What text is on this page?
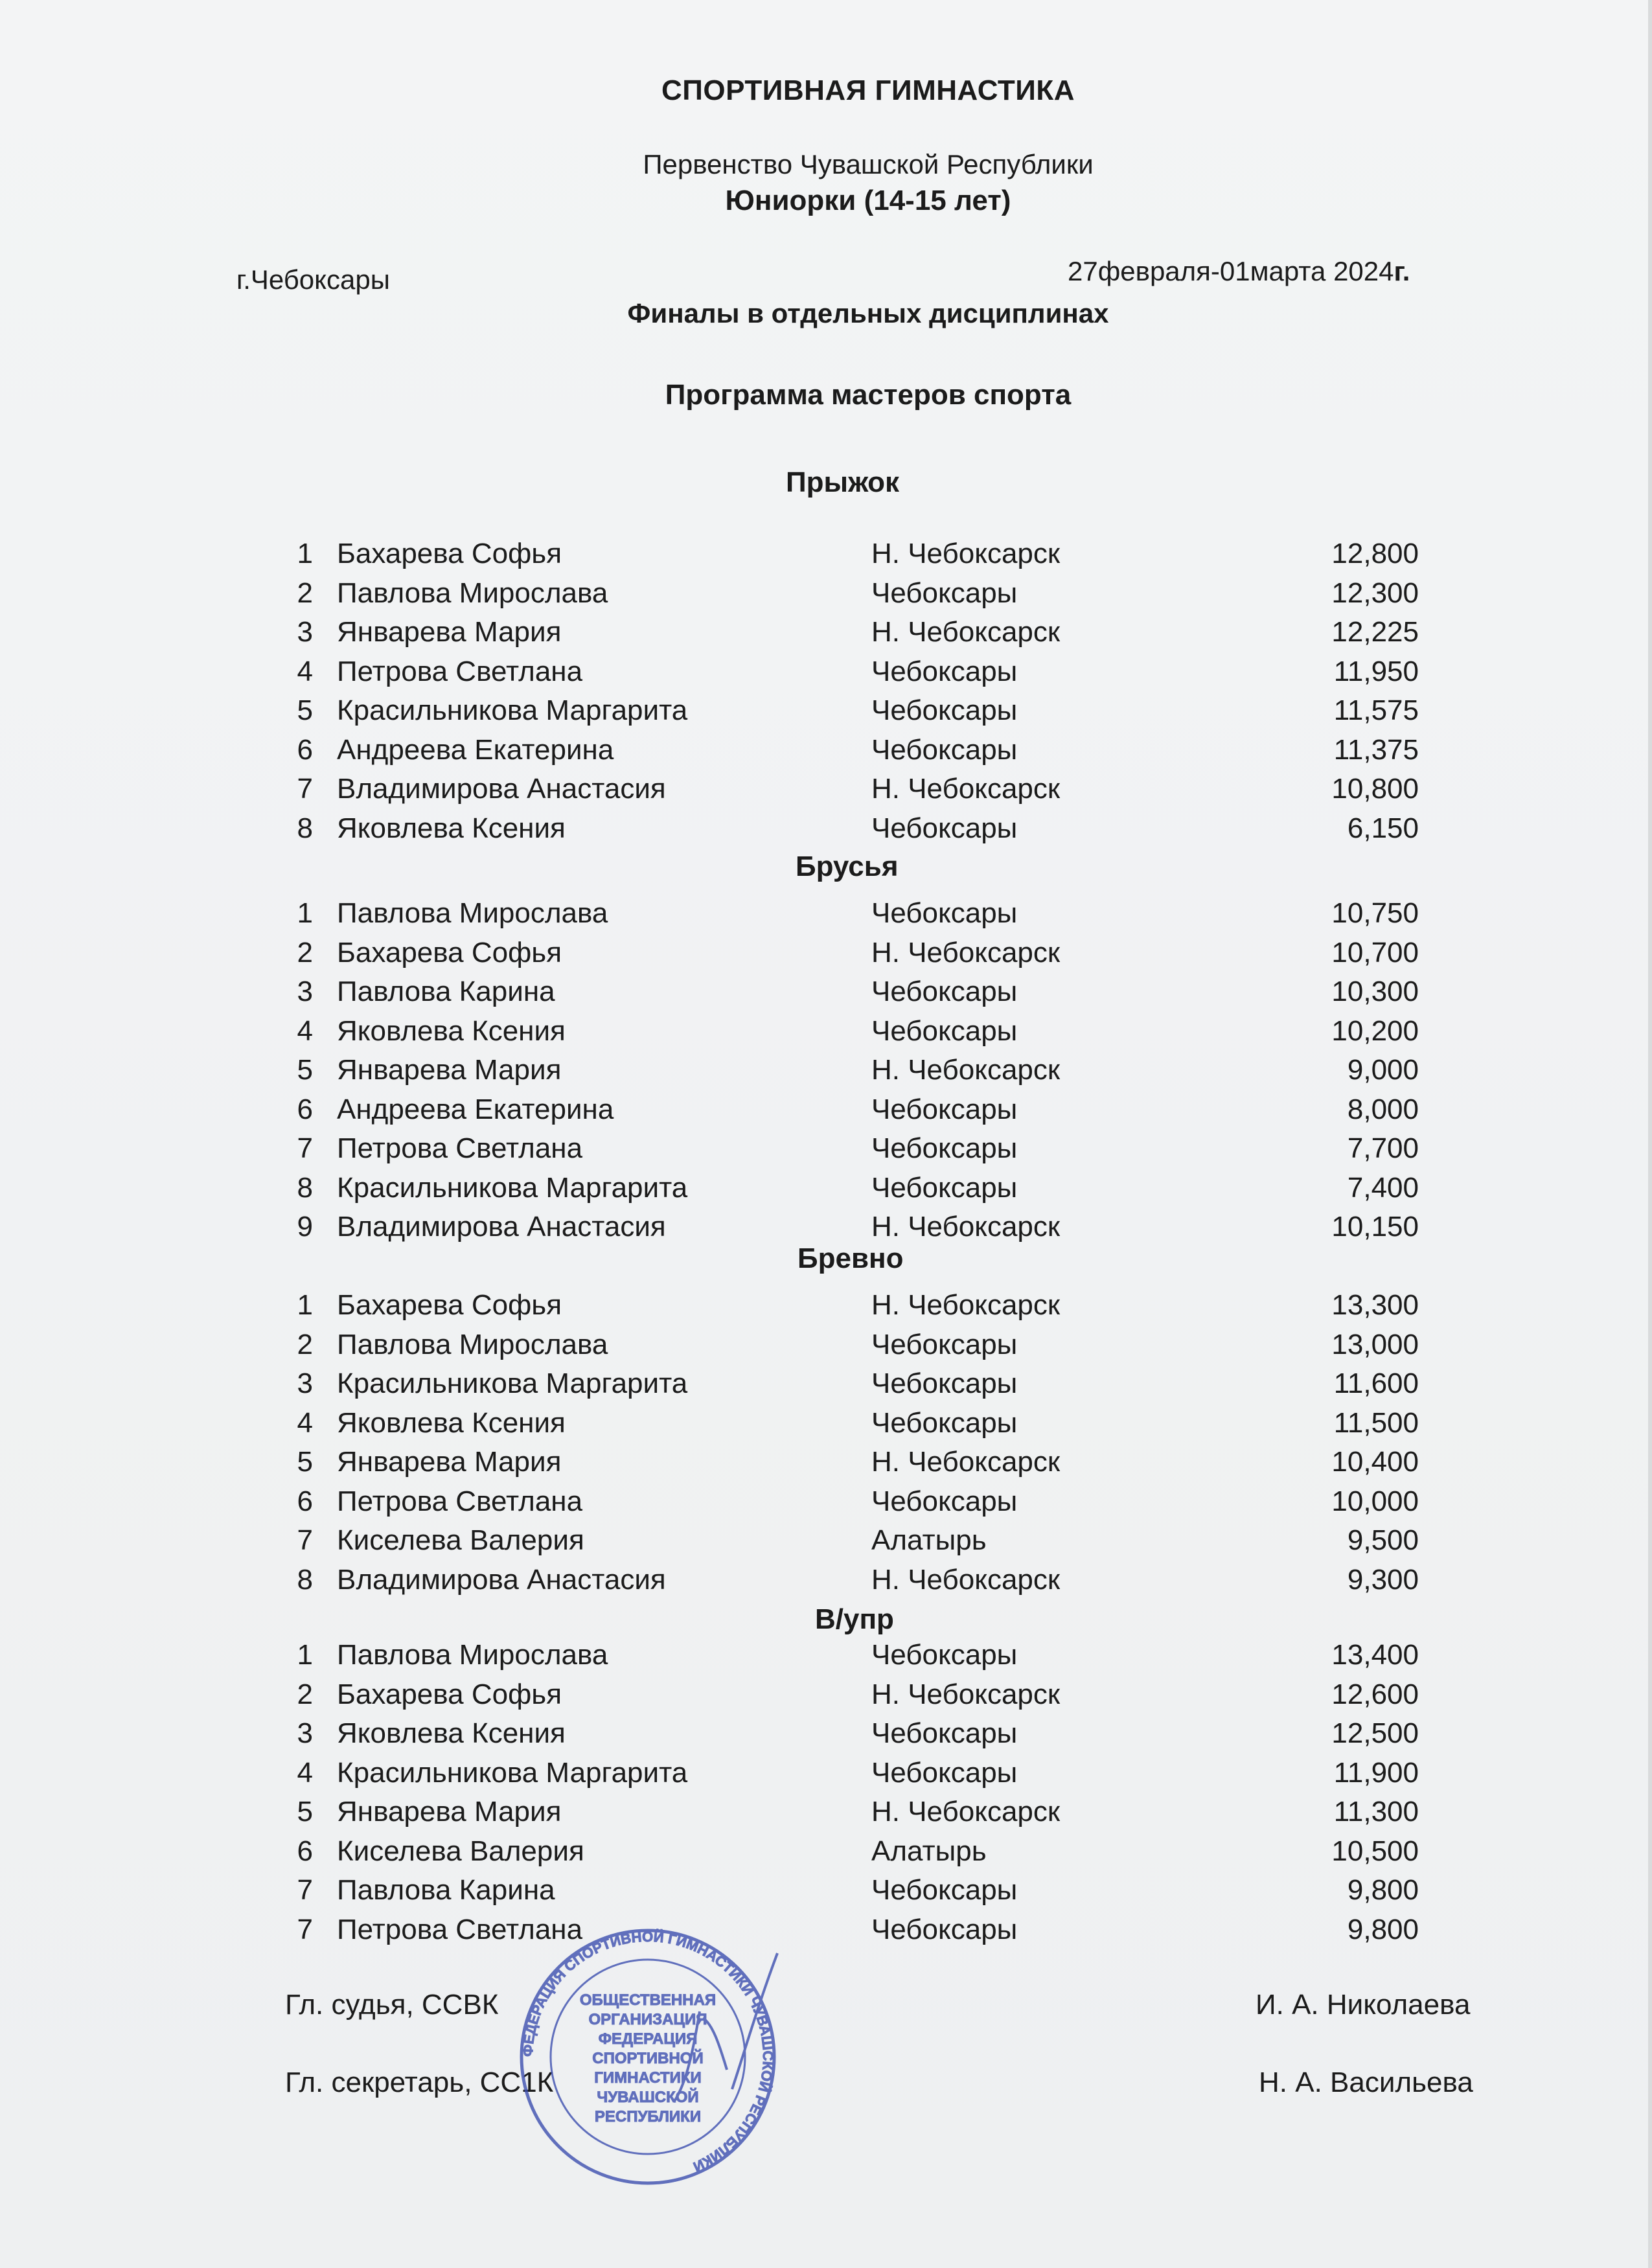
СПОРТИВНАЯ ГИМНАСТИКА
Первенство Чувашской Республики
Юниорки (14-15 лет)
г.Чебоксары	27февраля-01марта 2024г.
Финалы в отдельных дисциплинах
Программа мастеров спорта
Прыжок
1 Бахарева Софья	Н. Чебоксарск	12,800
2 Павлова Мирослава	Чебоксары	12,300
3 Январева Мария	Н. Чебоксарск	12,225
4 Петрова Светлана	Чебоксары	11,950
5 Красильникова Маргарита	Чебоксары	11,575
6 Андреева Екатерина	Чебоксары	11,375
7 Владимирова Анастасия	Н. Чебоксарск	10,800
8 Яковлева Ксения	Чебоксары	6,150
Брусья
1 Павлова Мирослава	Чебоксары	10,750
2 Бахарева Софья	Н. Чебоксарск	10,700
3 Павлова Карина	Чебоксары	10,300
4 Яковлева Ксения	Чебоксары	10,200
5 Январева Мария	Н. Чебоксарск	9,000
6 Андреева Екатерина	Чебоксары	8,000
7 Петрова Светлана	Чебоксары	7,700
8 Красильникова Маргарита	Чебоксары	7,400
9 Владимирова Анастасия	Н. Чебоксарск	10,150
Бревно
1 Бахарева Софья	Н. Чебоксарск	13,300
2 Павлова Мирослава	Чебоксары	13,000
3 Красильникова Маргарита	Чебоксары	11,600
4 Яковлева Ксения	Чебоксары	11,500
5 Январева Мария	Н. Чебоксарск	10,400
6 Петрова Светлана	Чебоксары	10,000
7 Киселева Валерия	Алатырь	9,500
8 Владимирова Анастасия	Н. Чебоксарск	9,300
В/упр
1 Павлова Мирослава	Чебоксары	13,400
2 Бахарева Софья	Н. Чебоксарск	12,600
3 Яковлева Ксения	Чебоксары	12,500
4 Красильникова Маргарита	Чебоксары	11,900
5 Январева Мария	Н. Чебоксарск	11,300
6 Киселева Валерия	Алатырь	10,500
7 Павлова Карина	Чебоксары	9,800
7 Петрова Светлана	Чебоксары	9,800
Гл. судья, ССВК	И. А. Николаева
Гл. секретарь, СС1К	Н. А. Васильева
ФЕДЕРАЦИЯ СПОРТИВНОЙ ГИМНАСТИКИ ЧУВАШСКОЙ РЕСПУБЛИКИ
ОБЩЕСТВЕННАЯ
ОРГАНИЗАЦИЯ
ФЕДЕРАЦИЯ
СПОРТИВНОЙ
ГИМНАСТИКИ
ЧУВАШСКОЙ
РЕСПУБЛИКИ
